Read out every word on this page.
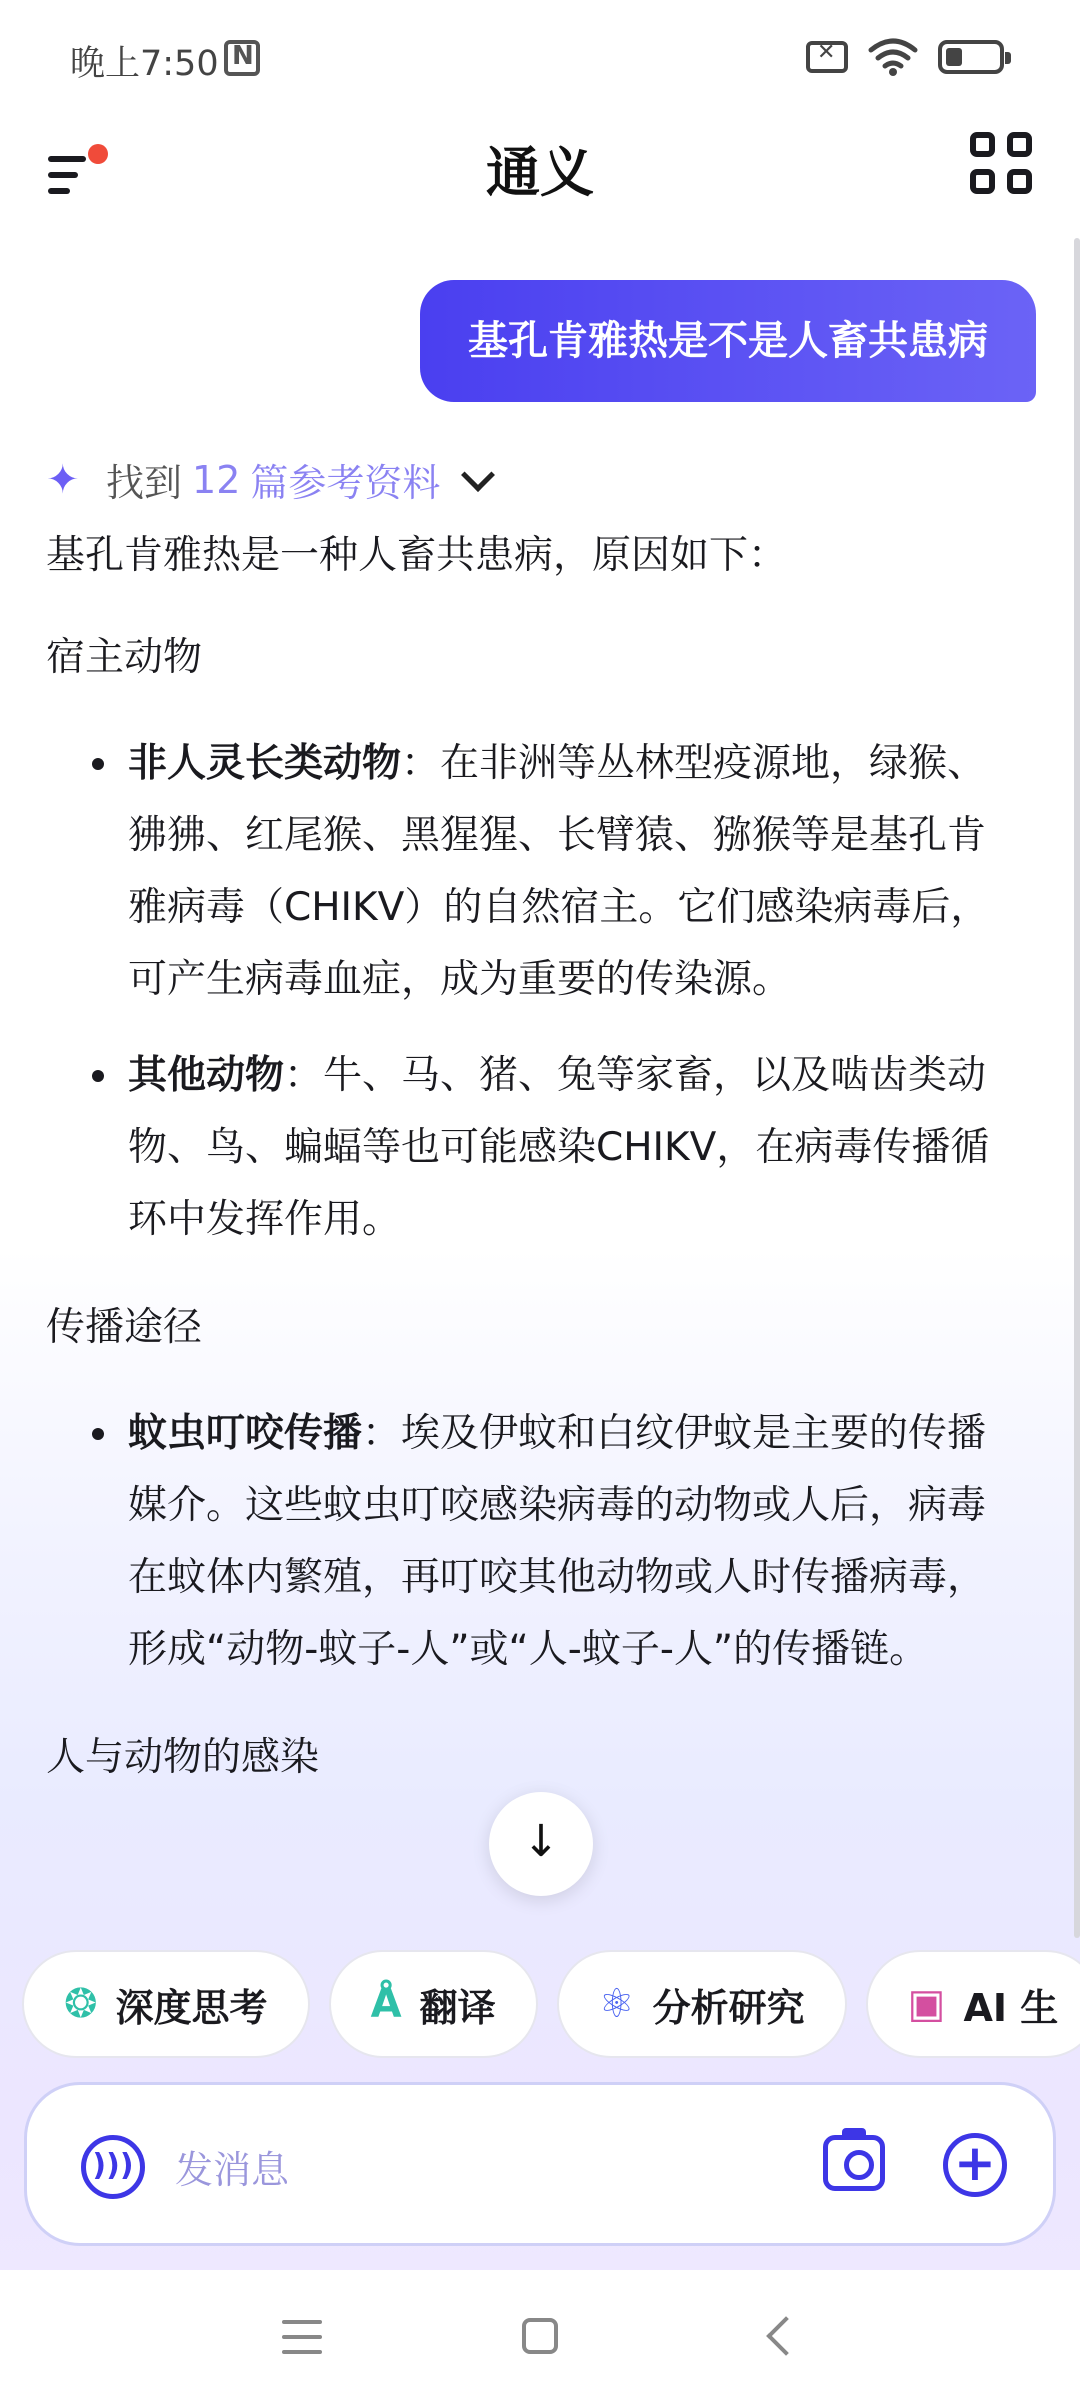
晚上7:50
N
✕
通义
基孔肯雅热是不是人畜共患病
✦ 找到 12 篇参考资料

基孔肯雅热是一种人畜共患病，原因如下：

宿主动物

非人灵长类动物：在非洲等丛林型疫源地，绿猴、狒狒、红尾猴、黑猩猩、长臂猿、猕猴等是基孔肯雅病毒（CHIKV）的自然宿主。它们感染病毒后，可产生病毒血症，成为重要的传染源。
其他动物：牛、马、猪、兔等家畜，以及啮齿类动物、鸟、蝙蝠等也可能感染CHIKV，在病毒传播循环中发挥作用。

传播途径

蚊虫叮咬传播：埃及伊蚊和白纹伊蚊是主要的传播媒介。这些蚊虫叮咬感染病毒的动物或人后，病毒在蚊体内繁殖，再叮咬其他动物或人时传播病毒，形成“动物-蚊子-人”或“人-蚊子-人”的传播链。

人与动物的感染

↓
❂ 深度思考
	Å 翻译
	⚛ 分析研究
	▣ AI 生
)))	发消息	+
